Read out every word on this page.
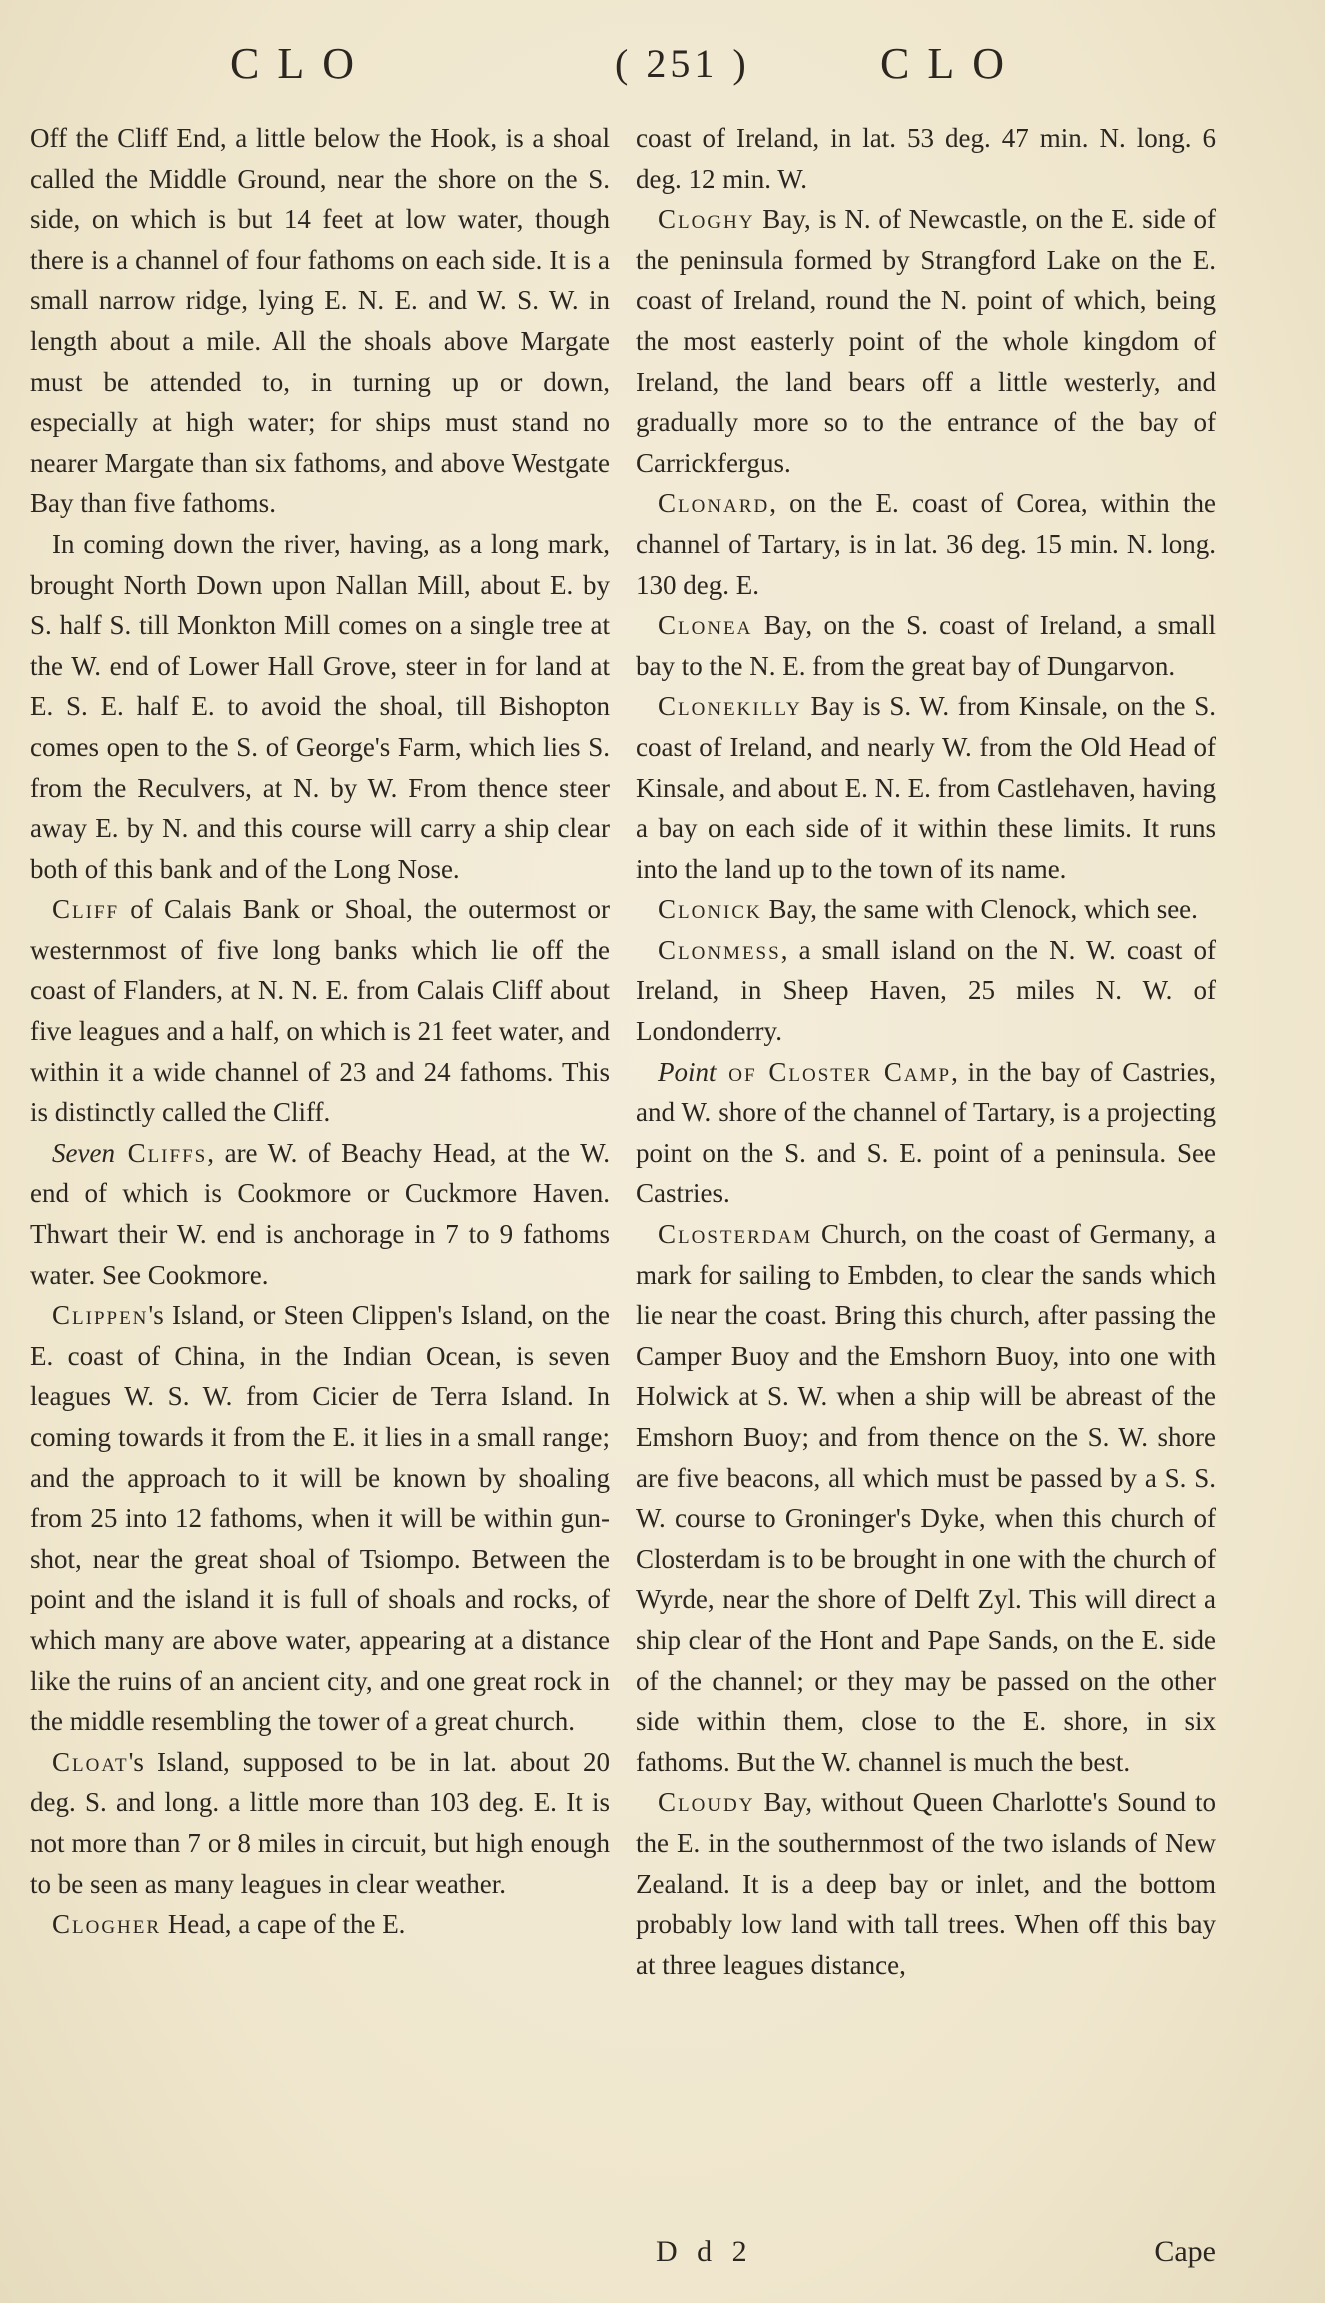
CLO	( 251 )	CLO

Off the Cliff End, a little below the Hook, is a shoal called the Middle Ground, near the shore on the S. side, on which is but 14 feet at low water, though there is a channel of four fathoms on each side. It is a small narrow ridge, lying E. N. E. and W. S. W. in length about a mile. All the shoals above Margate must be attended to, in turning up or down, especially at high water; for ships must stand no nearer Margate than six fathoms, and above Westgate Bay than five fathoms.

In coming down the river, having, as a long mark, brought North Down upon Nallan Mill, about E. by S. half S. till Monkton Mill comes on a single tree at the W. end of Lower Hall Grove, steer in for land at E. S. E. half E. to avoid the shoal, till Bishopton comes open to the S. of George's Farm, which lies S. from the Reculvers, at N. by W. From thence steer away E. by N. and this course will carry a ship clear both of this bank and of the Long Nose.

Cliff of Calais Bank or Shoal, the outermost or westernmost of five long banks which lie off the coast of Flanders, at N. N. E. from Calais Cliff about five leagues and a half, on which is 21 feet water, and within it a wide channel of 23 and 24 fathoms. This is distinctly called the Cliff.

Seven Cliffs, are W. of Beachy Head, at the W. end of which is Cookmore or Cuckmore Haven. Thwart their W. end is anchorage in 7 to 9 fathoms water. See Cookmore.

Clippen's Island, or Steen Clippen's Island, on the E. coast of China, in the Indian Ocean, is seven leagues W. S. W. from Cicier de Terra Island. In coming towards it from the E. it lies in a small range; and the approach to it will be known by shoaling from 25 into 12 fathoms, when it will be within gun-shot, near the great shoal of Tsiompo. Between the point and the island it is full of shoals and rocks, of which many are above water, appearing at a distance like the ruins of an ancient city, and one great rock in the middle resembling the tower of a great church.

Cloat's Island, supposed to be in lat. about 20 deg. S. and long. a little more than 103 deg. E. It is not more than 7 or 8 miles in circuit, but high enough to be seen as many leagues in clear weather.

Clogher Head, a cape of the E.

coast of Ireland, in lat. 53 deg. 47 min. N. long. 6 deg. 12 min. W.

Cloghy Bay, is N. of Newcastle, on the E. side of the peninsula formed by Strangford Lake on the E. coast of Ireland, round the N. point of which, being the most easterly point of the whole kingdom of Ireland, the land bears off a little westerly, and gradually more so to the entrance of the bay of Carrickfergus.

Clonard, on the E. coast of Corea, within the channel of Tartary, is in lat. 36 deg. 15 min. N. long. 130 deg. E.

Clonea Bay, on the S. coast of Ireland, a small bay to the N. E. from the great bay of Dungarvon.

Clonekilly Bay is S. W. from Kinsale, on the S. coast of Ireland, and nearly W. from the Old Head of Kinsale, and about E. N. E. from Castlehaven, having a bay on each side of it within these limits. It runs into the land up to the town of its name.

Clonick Bay, the same with Clenock, which see.

Clonmess, a small island on the N. W. coast of Ireland, in Sheep Haven, 25 miles N. W. of Londonderry.

Point of Closter Camp, in the bay of Castries, and W. shore of the channel of Tartary, is a projecting point on the S. and S. E. point of a peninsula. See Castries.

Closterdam Church, on the coast of Germany, a mark for sailing to Embden, to clear the sands which lie near the coast. Bring this church, after passing the Camper Buoy and the Emshorn Buoy, into one with Holwick at S. W. when a ship will be abreast of the Emshorn Buoy; and from thence on the S. W. shore are five beacons, all which must be passed by a S. S. W. course to Groninger's Dyke, when this church of Closterdam is to be brought in one with the church of Wyrde, near the shore of Delft Zyl. This will direct a ship clear of the Hont and Pape Sands, on the E. side of the channel; or they may be passed on the other side within them, close to the E. shore, in six fathoms. But the W. channel is much the best.

Cloudy Bay, without Queen Charlotte's Sound to the E. in the southernmost of the two islands of New Zealand. It is a deep bay or inlet, and the bottom probably low land with tall trees. When off this bay at three leagues distance,

D d 2	Cape
